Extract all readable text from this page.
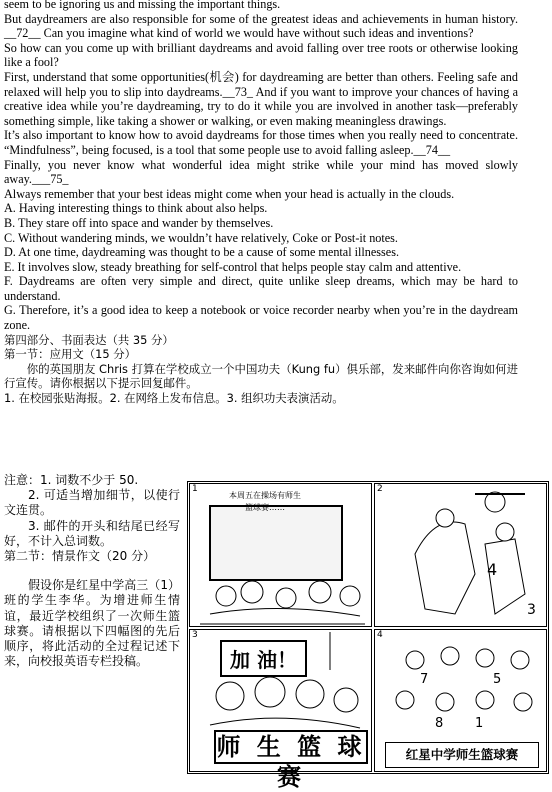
seem to be ignoring us and missing the important things.

But daydreamers are also responsible for some of the greatest ideas and achievements in human history. __72__ Can you imagine what kind of world we would have without such ideas and inventions?

So how can you come up with brilliant daydreams and avoid falling over tree roots or otherwise looking like a fool?

First, understand that some opportunities(机会) for daydreaming are better than others. Feeling safe and relaxed will help you to slip into daydreams.__73_ And if you want to improve your chances of having a creative idea while you’re daydreaming, try to do it while you are involved in another task—preferably something simple, like taking a shower or walking, or even making meaningless drawings.

It’s also important to know how to avoid daydreams for those times when you really need to concentrate. “Mindfulness”, being focused, is a tool that some people use to avoid falling asleep.__74__

Finally, you never know what wonderful idea might strike while your mind has moved slowly away.___75_

Always remember that your best ideas might come when your head is actually in the clouds.

A. Having interesting things to think about also helps.

B. They stare off into space and wander by themselves.

C. Without wandering minds, we wouldn’t have relatively, Coke or Post-it notes.

D. At one time, daydreaming was thought to be a cause of some mental illnesses.

E. It involves slow, steady breathing for self-control that helps people stay calm and attentive.

F. Daydreams are often very simple and direct, quite unlike sleep dreams, which may be hard to understand.

G. Therefore, it’s a good idea to keep a notebook or voice recorder nearby when you’re in the daydream zone.

第四部分、书面表达（共 35 分）

第一节：应用文（15 分）

你的英国朋友 Chris 打算在学校成立一个中国功夫（Kung fu）俱乐部，发来邮件向你咨询如何进行宣传。请你根据以下提示回复邮件。

1. 在校园张贴海报。2. 在网络上发布信息。3. 组织功夫表演活动。

注意：1. 词数不少于 50.

2. 可适当增加细节，以使行文连贯。

3. 邮件的开头和结尾已经写好，不计入总词数。

第二节：情景作文（20 分）

假设你是红星中学高三（1）班的学生李华。为增进师生情谊，最近学校组织了一次师生篮球赛。请根据以下四幅图的先后顺序，将此活动的全过程记述下来，向校报英语专栏投稿。

1
本周五在操场有师生篮球赛……
2
4
3
3
加 油！
师 生 篮 球 赛
4
7	5
8 1
红星中学师生篮球赛
